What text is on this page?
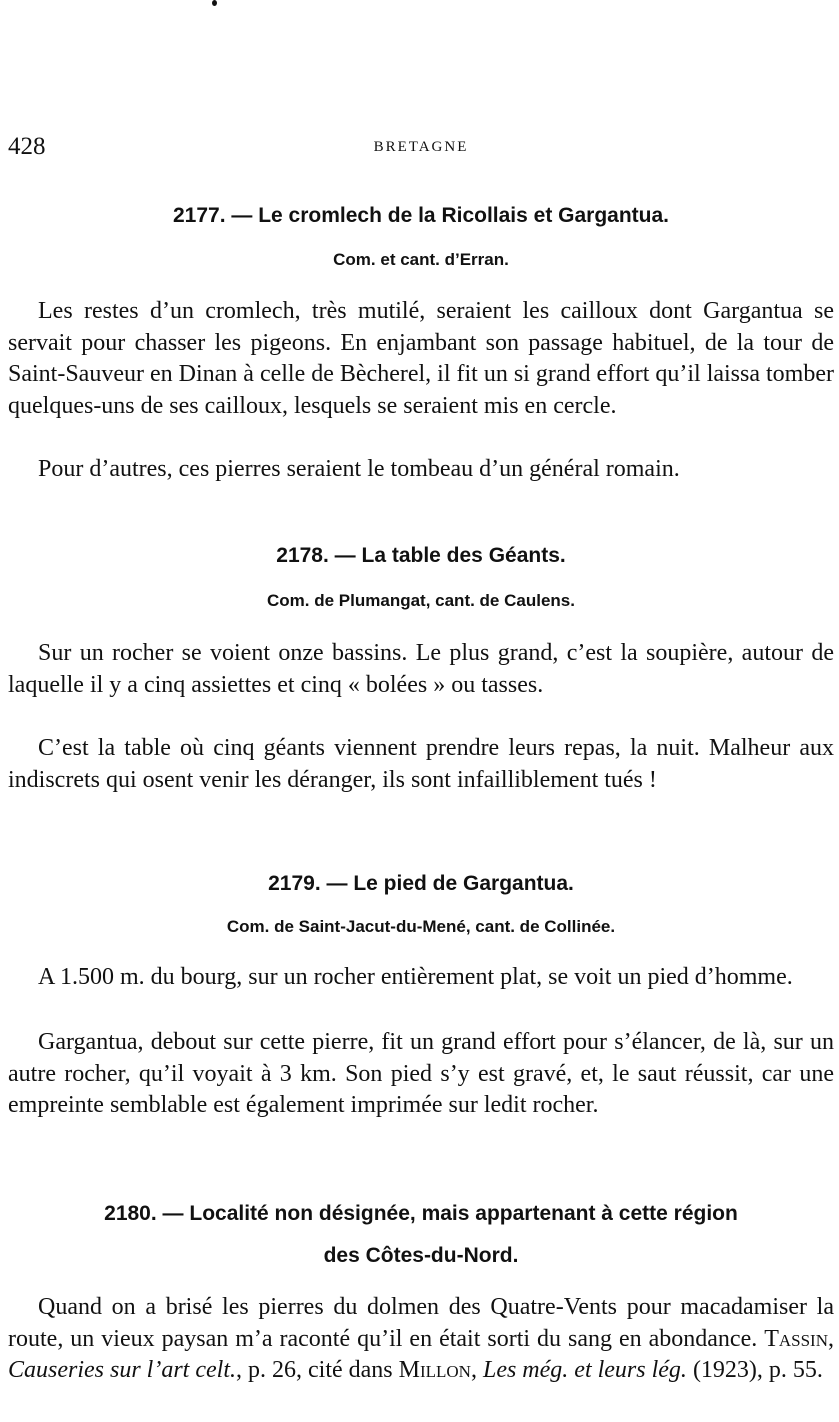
428	BRETAGNE
2177. — Le cromlech de la Ricollais et Gargantua.
Com. et cant. d’Erran.

Les restes d’un cromlech, très mutilé, seraient les cailloux dont Gargantua se servait pour chasser les pigeons. En enjambant son passage habituel, de la tour de Saint-Sauveur en Dinan à celle de Bècherel, il fit un si grand effort qu’il laissa tomber quelques-uns de ses cailloux, lesquels se seraient mis en cercle.

Pour d’autres, ces pierres seraient le tombeau d’un général romain.

2178. — La table des Géants.
Com. de Plumangat, cant. de Caulens.

Sur un rocher se voient onze bassins. Le plus grand, c’est la soupière, autour de laquelle il y a cinq assiettes et cinq « bolées » ou tasses.

C’est la table où cinq géants viennent prendre leurs repas, la nuit. Malheur aux indiscrets qui osent venir les déranger, ils sont infailliblement tués !

2179. — Le pied de Gargantua.
Com. de Saint-Jacut-du-Mené, cant. de Collinée.

A 1.500 m. du bourg, sur un rocher entièrement plat, se voit un pied d’homme.

Gargantua, debout sur cette pierre, fit un grand effort pour s’élancer, de là, sur un autre rocher, qu’il voyait à 3 km. Son pied s’y est gravé, et, le saut réussit, car une empreinte semblable est également imprimée sur ledit rocher.

2180. — Localité non désignée, mais appartenant à cette région
des Côtes-du-Nord.

Quand on a brisé les pierres du dolmen des Quatre-Vents pour macadamiser la route, un vieux paysan m’a raconté qu’il en était sorti du sang en abondance. Tassin, Causeries sur l’art celt., p. 26, cité dans Millon, Les még. et leurs lég. (1923), p. 55.
